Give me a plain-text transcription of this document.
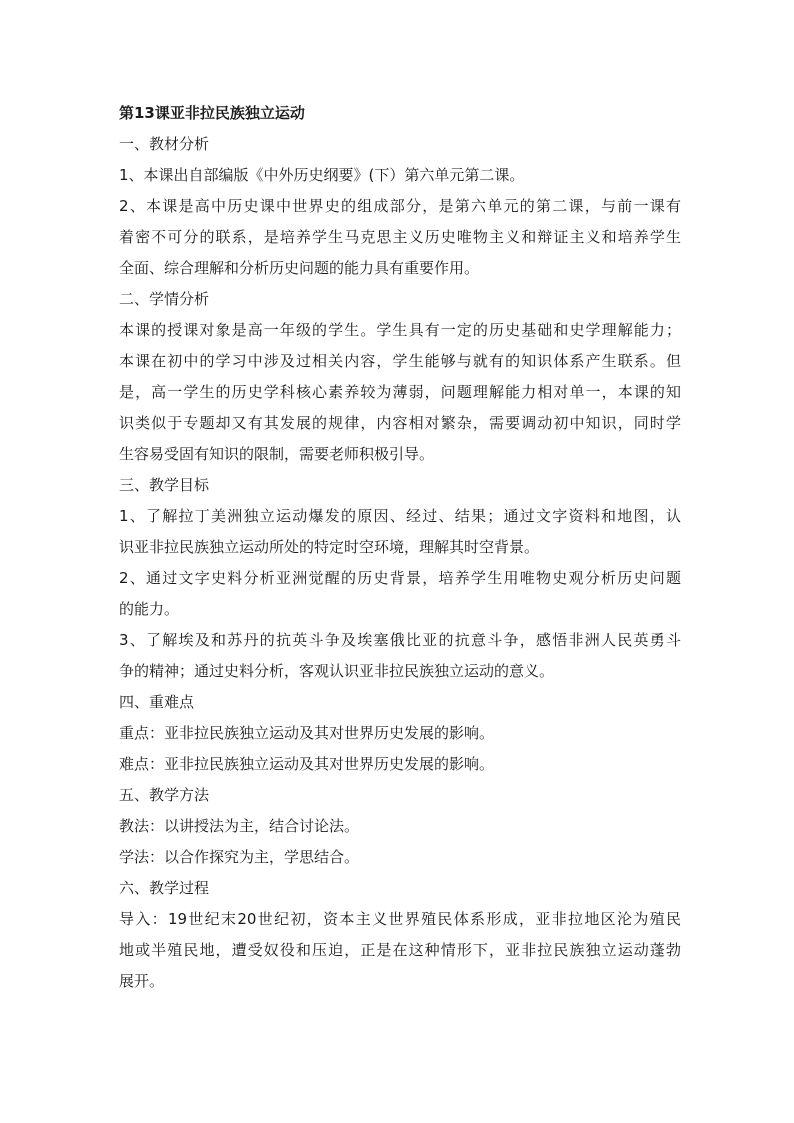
第13课亚非拉民族独立运动
一、教材分析
1、本课出自部编版《中外历史纲要》(下）第六单元第二课。
2、本课是高中历史课中世界史的组成部分，是第六单元的第二课，与前一课有
着密不可分的联系，是培养学生马克思主义历史唯物主义和辩证主义和培养学生
全面、综合理解和分析历史问题的能力具有重要作用。
二、学情分析
本课的授课对象是高一年级的学生。学生具有一定的历史基础和史学理解能力；
本课在初中的学习中涉及过相关内容，学生能够与就有的知识体系产生联系。但
是，高一学生的历史学科核心素养较为薄弱，问题理解能力相对单一，本课的知
识类似于专题却又有其发展的规律，内容相对繁杂，需要调动初中知识，同时学
生容易受固有知识的限制，需要老师积极引导。
三、教学目标
1、了解拉丁美洲独立运动爆发的原因、经过、结果；通过文字资料和地图，认
识亚非拉民族独立运动所处的特定时空环境，理解其时空背景。
2、通过文字史料分析亚洲觉醒的历史背景，培养学生用唯物史观分析历史问题
的能力。
3、了解埃及和苏丹的抗英斗争及埃塞俄比亚的抗意斗争，感悟非洲人民英勇斗
争的精神；通过史料分析，客观认识亚非拉民族独立运动的意义。
四、重难点
重点：亚非拉民族独立运动及其对世界历史发展的影响。
难点：亚非拉民族独立运动及其对世界历史发展的影响。
五、教学方法
教法：以讲授法为主，结合讨论法。
学法：以合作探究为主，学思结合。
六、教学过程
导入：19世纪末20世纪初，资本主义世界殖民体系形成，亚非拉地区沦为殖民
地或半殖民地，遭受奴役和压迫，正是在这种情形下，亚非拉民族独立运动蓬勃
展开。
